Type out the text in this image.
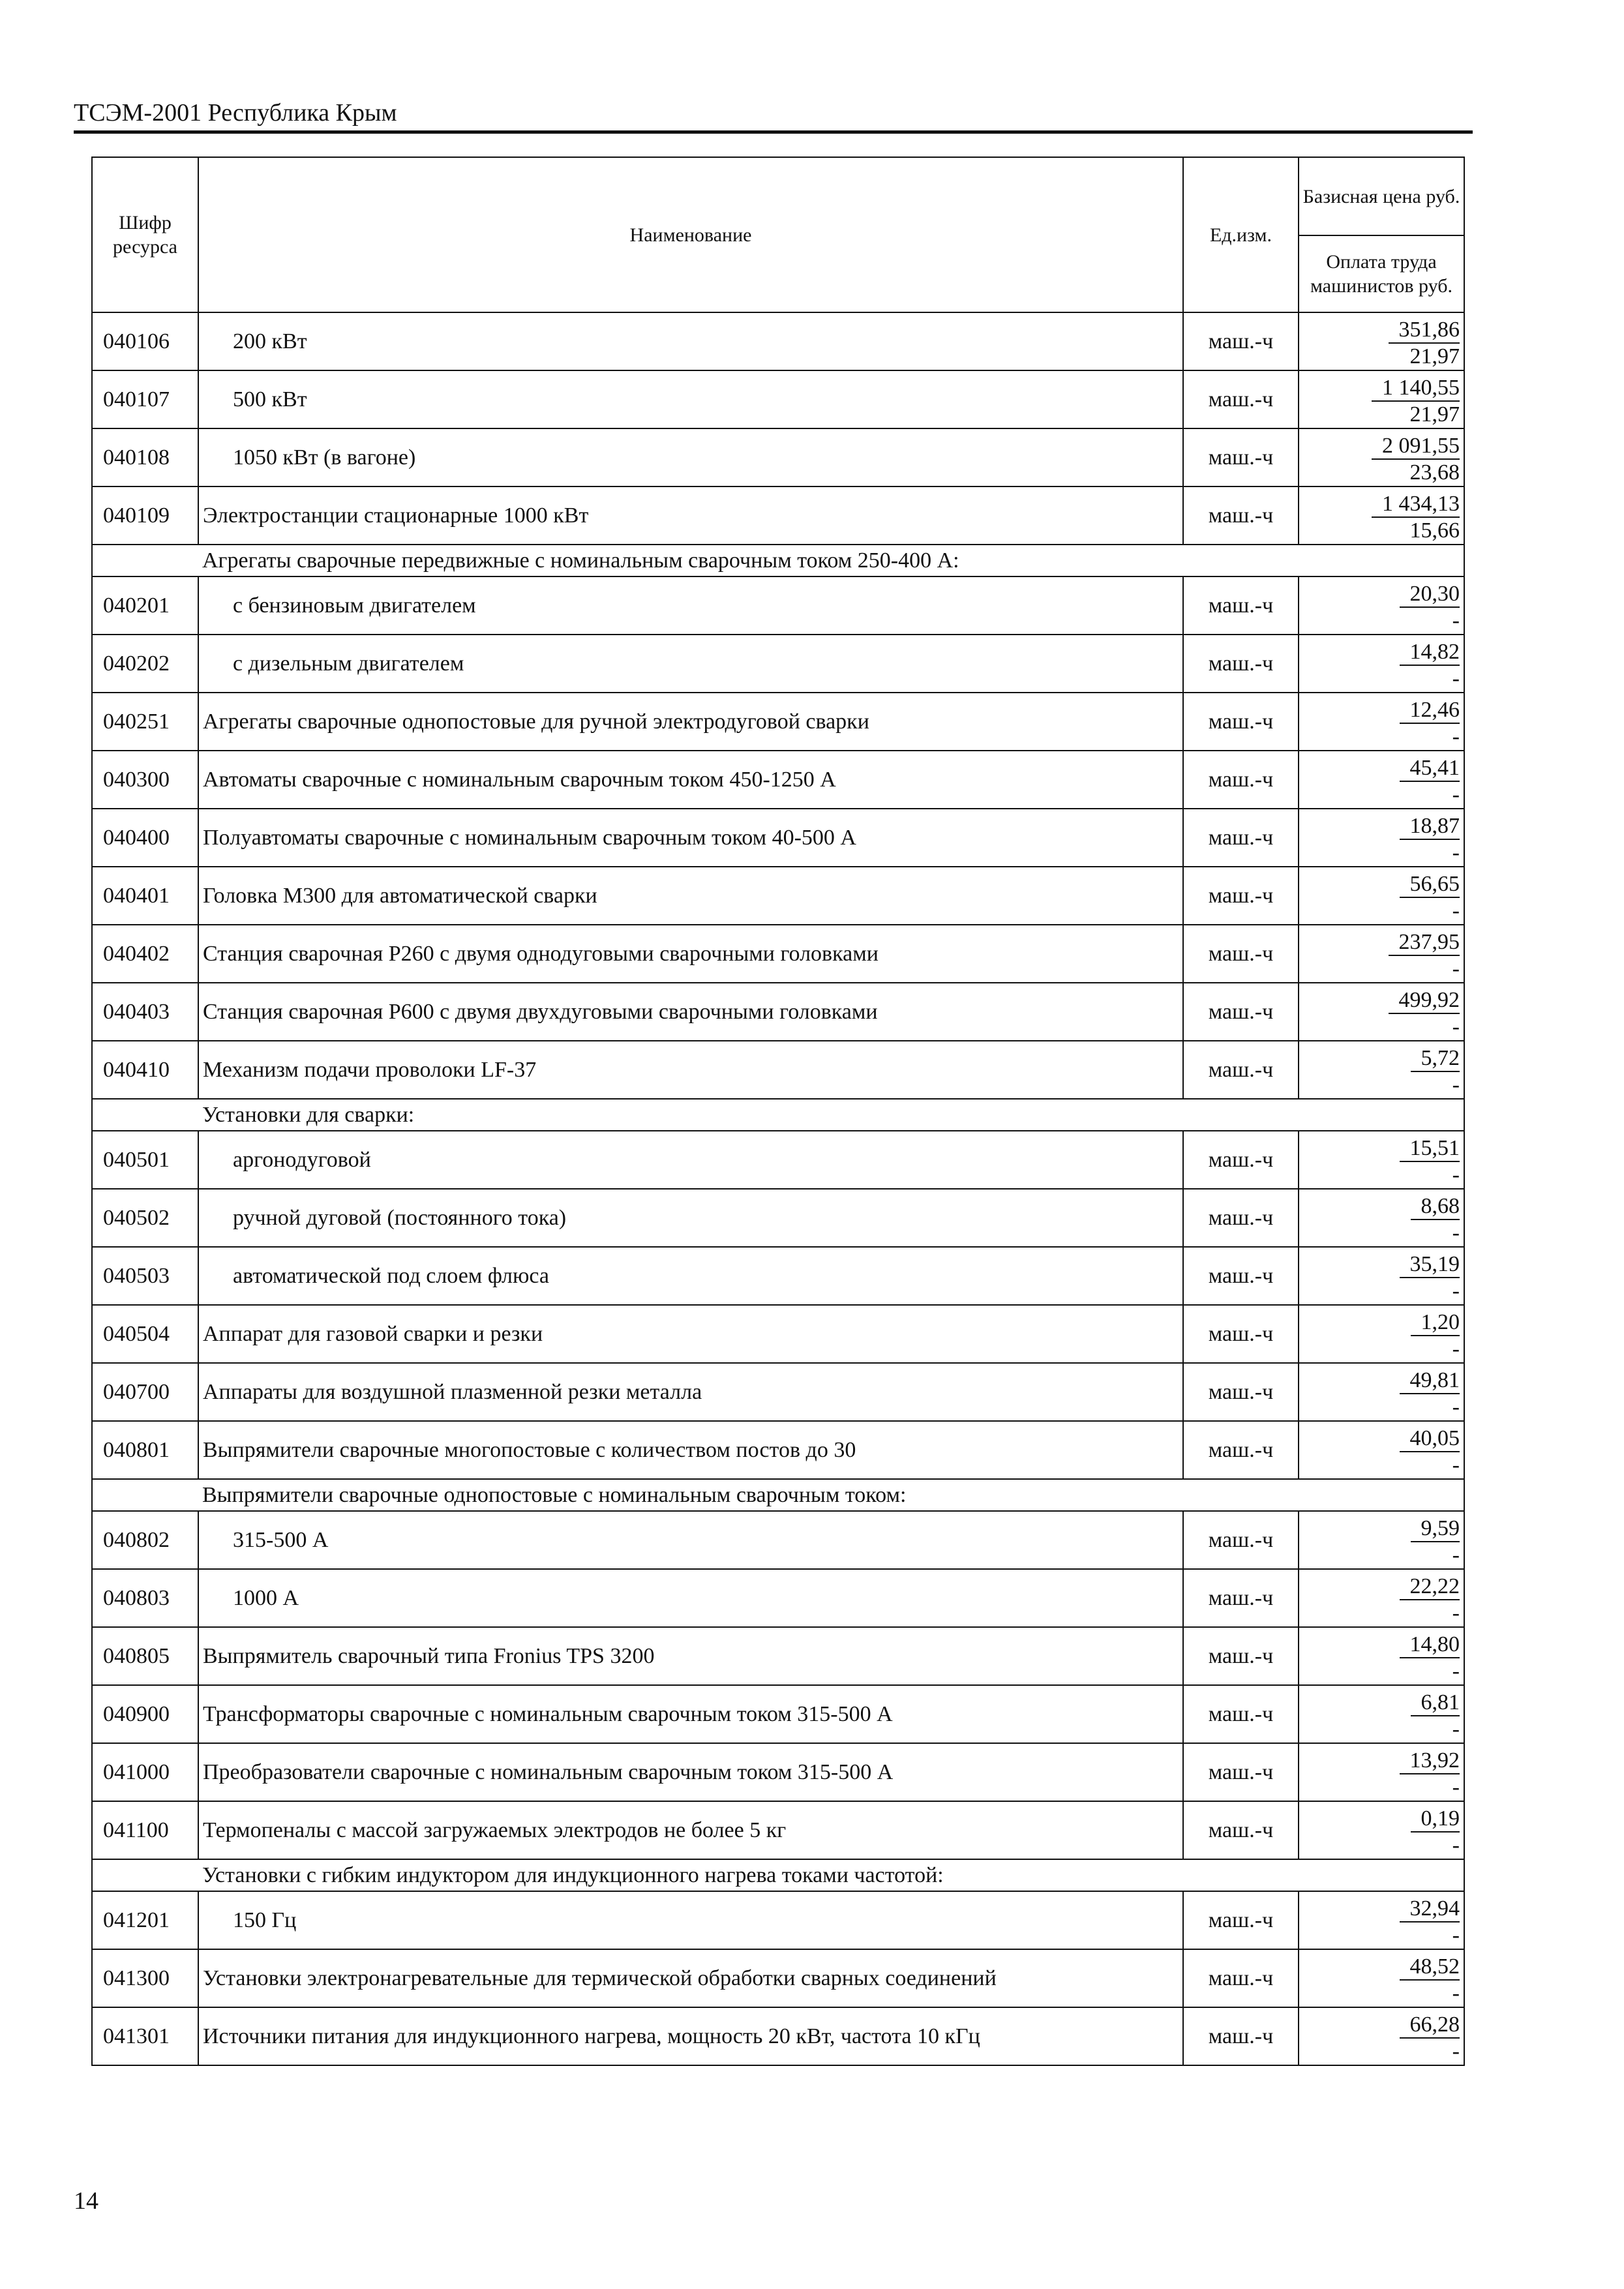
ТСЭМ-2001 Республика Крым
Шифр ресурса	Наименование	Ед.изм.	Базисная цена руб.
Оплата труда машинистов руб.

040106	200 кВт	маш.-ч	351,86
21,97

040107	500 кВт	маш.-ч	1 140,55
21,97

040108	1050 кВт (в вагоне)	маш.-ч	2 091,55
23,68

040109	Электростанции стационарные 1000 кВт	маш.-ч	1 434,13
15,66

Агрегаты сварочные передвижные с номинальным сварочным током 250-400 А:			
040201	с бензиновым двигателем	маш.-ч	20,30
-

040202	с дизельным двигателем	маш.-ч	14,82
-

040251	Агрегаты сварочные однопостовые для ручной электродуговой сварки	маш.-ч	12,46
-

040300	Автоматы сварочные с номинальным сварочным током 450-1250 А	маш.-ч	45,41
-

040400	Полуавтоматы сварочные с номинальным сварочным током 40-500 А	маш.-ч	18,87
-

040401	Головка М300 для автоматической сварки	маш.-ч	56,65
-

040402	Станция сварочная Р260 с двумя однодуговыми сварочными головками	маш.-ч	237,95
-

040403	Станция сварочная Р600 с двумя двухдуговыми сварочными головками	маш.-ч	499,92
-

040410	Механизм подачи проволоки LF-37	маш.-ч	5,72
-

Установки для сварки:			
040501	аргонодуговой	маш.-ч	15,51
-

040502	ручной дуговой (постоянного тока)	маш.-ч	8,68
-

040503	автоматической под слоем флюса	маш.-ч	35,19
-

040504	Аппарат для газовой сварки и резки	маш.-ч	1,20
-

040700	Аппараты для воздушной плазменной резки металла	маш.-ч	49,81
-

040801	Выпрямители сварочные многопостовые с количеством постов до 30	маш.-ч	40,05
-

Выпрямители сварочные однопостовые с номинальным сварочным током:			
040802	315-500 А	маш.-ч	9,59
-

040803	1000 А	маш.-ч	22,22
-

040805	Выпрямитель сварочный типа Fronius TPS 3200	маш.-ч	14,80
-

040900	Трансформаторы сварочные с номинальным сварочным током 315-500 А	маш.-ч	6,81
-

041000	Преобразователи сварочные с номинальным сварочным током 315-500 А	маш.-ч	13,92
-

041100	Термопеналы с массой загружаемых электродов не более 5 кг	маш.-ч	0,19
-

Установки с гибким индуктором для индукционного нагрева токами частотой:			
041201	150 Гц	маш.-ч	32,94
-

041300	Установки электронагревательные для термической обработки сварных соединений	маш.-ч	48,52
-

041301	Источники питания для индукционного нагрева, мощность 20 кВт, частота 10 кГц	маш.-ч	66,28
-
14
